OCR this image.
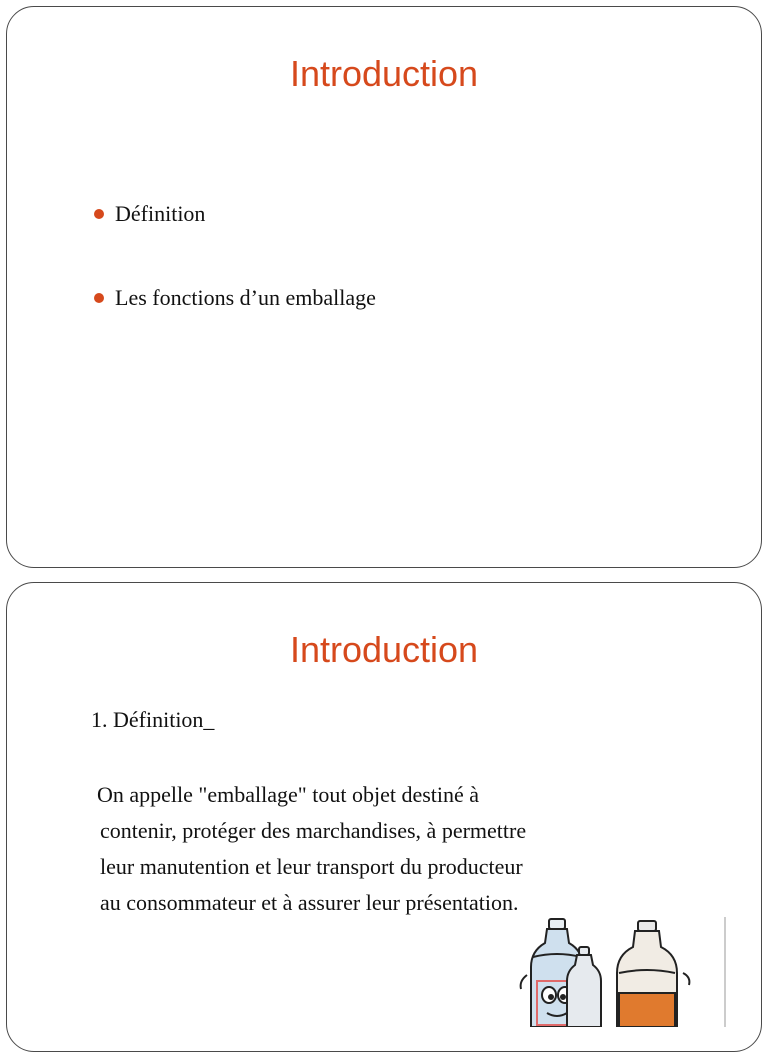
Introduction
Définition
Les fonctions d’un emballage
Introduction
1. Définition_

On appelle "emballage" tout objet destiné à
contenir, protéger des marchandises, à permettre
leur manutention et leur transport du producteur
au consommateur et à assurer leur présentation.
